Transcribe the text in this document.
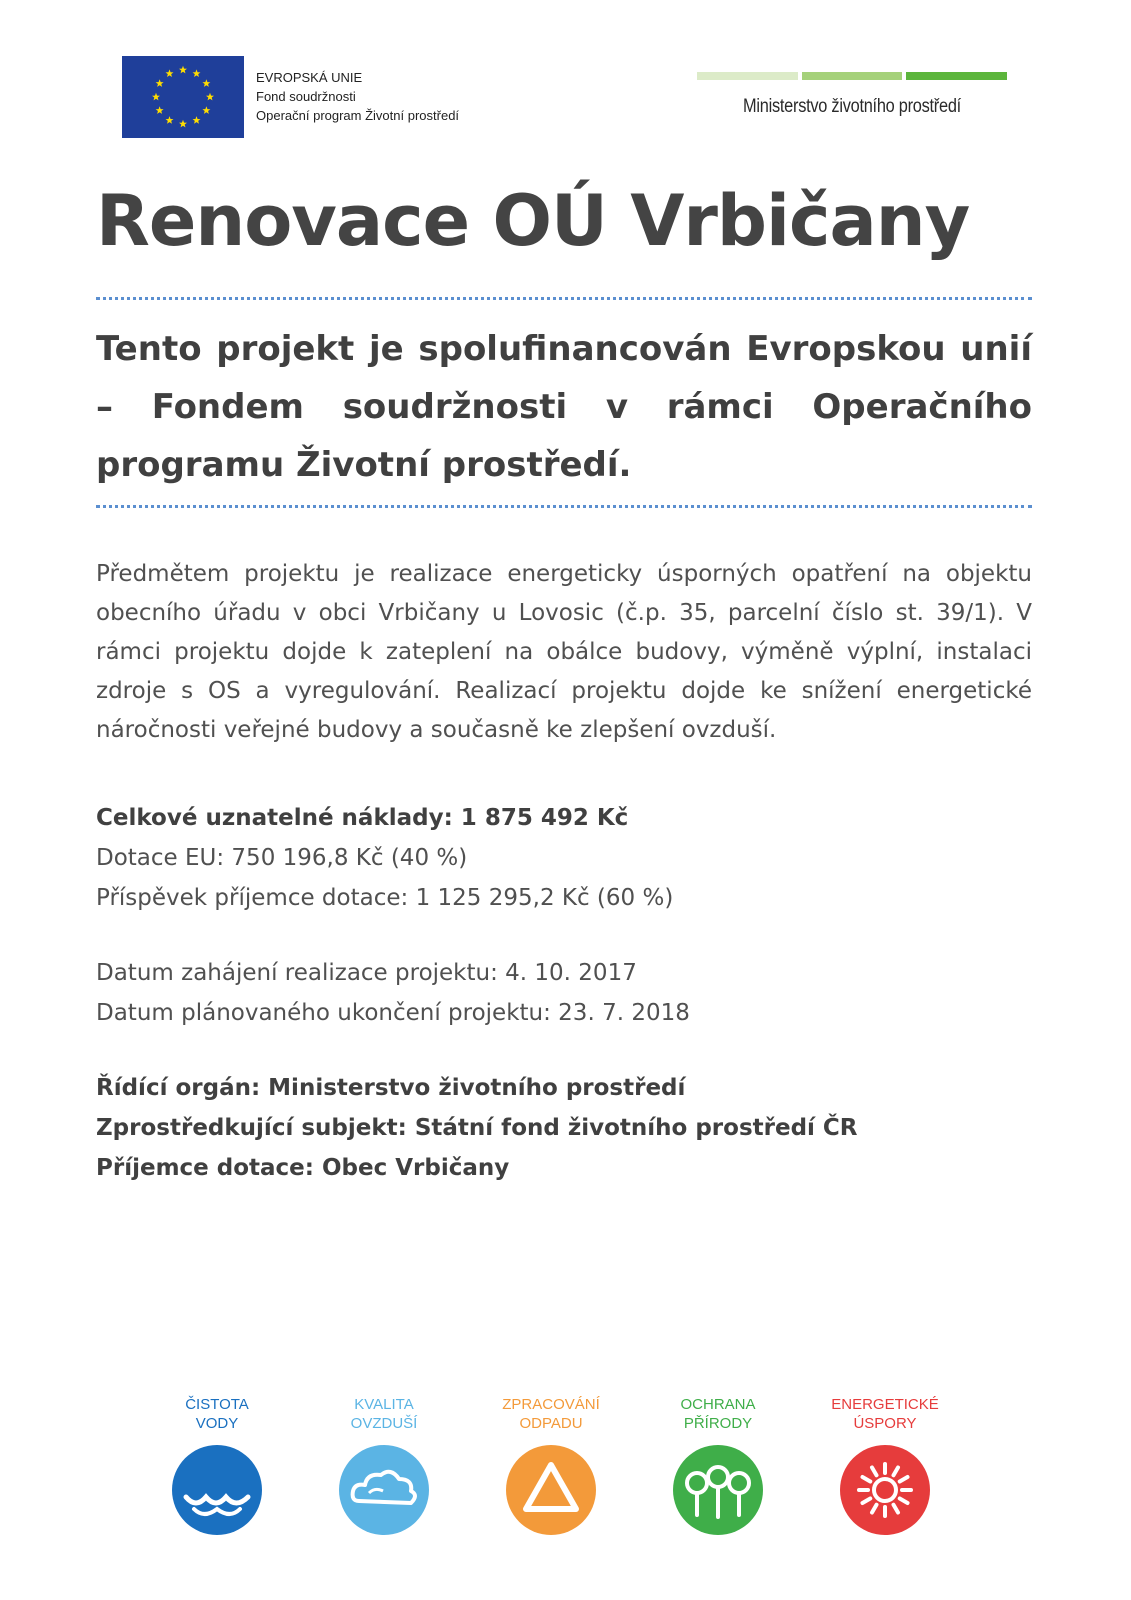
EVROPSKÁ UNIE
Fond soudržnosti
Operační program Životní prostředí	Ministerstvo životního prostředí
Renovace OÚ Vrbičany

Tento projekt je spolufinancován Evropskou unií – Fondem soudržnosti v rámci Operačního programu Životní prostředí.

Předmětem projektu je realizace energeticky úsporných opatření na objektu obecního úřadu v obci Vrbičany u Lovosic (č.p. 35, parcelní číslo st. 39/1). V rámci projektu dojde k zateplení na obálce budovy, výměně výplní, instalaci zdroje s OS a vyregulování. Realizací projektu dojde ke snížení energetické náročnosti veřejné budovy a současně ke zlepšení ovzduší.

Celkové uznatelné náklady: 1 875 492 Kč
Dotace EU: 750 196,8 Kč (40 %)
Příspěvek příjemce dotace: 1 125 295,2 Kč (60 %)
Datum zahájení realizace projektu: 4. 10. 2017
Datum plánovaného ukončení projektu: 23. 7. 2018
Řídící orgán: Ministerstvo životního prostředí
Zprostředkující subjekt: Státní fond životního prostředí ČR
Příjemce dotace: Obec Vrbičany
ČISTOTA
VODY
KVALITA
OVZDUŠÍ
ZPRACOVÁNÍ
ODPADU
OCHRANA
PŘÍRODY
ENERGETICKÉ
ÚSPORY
